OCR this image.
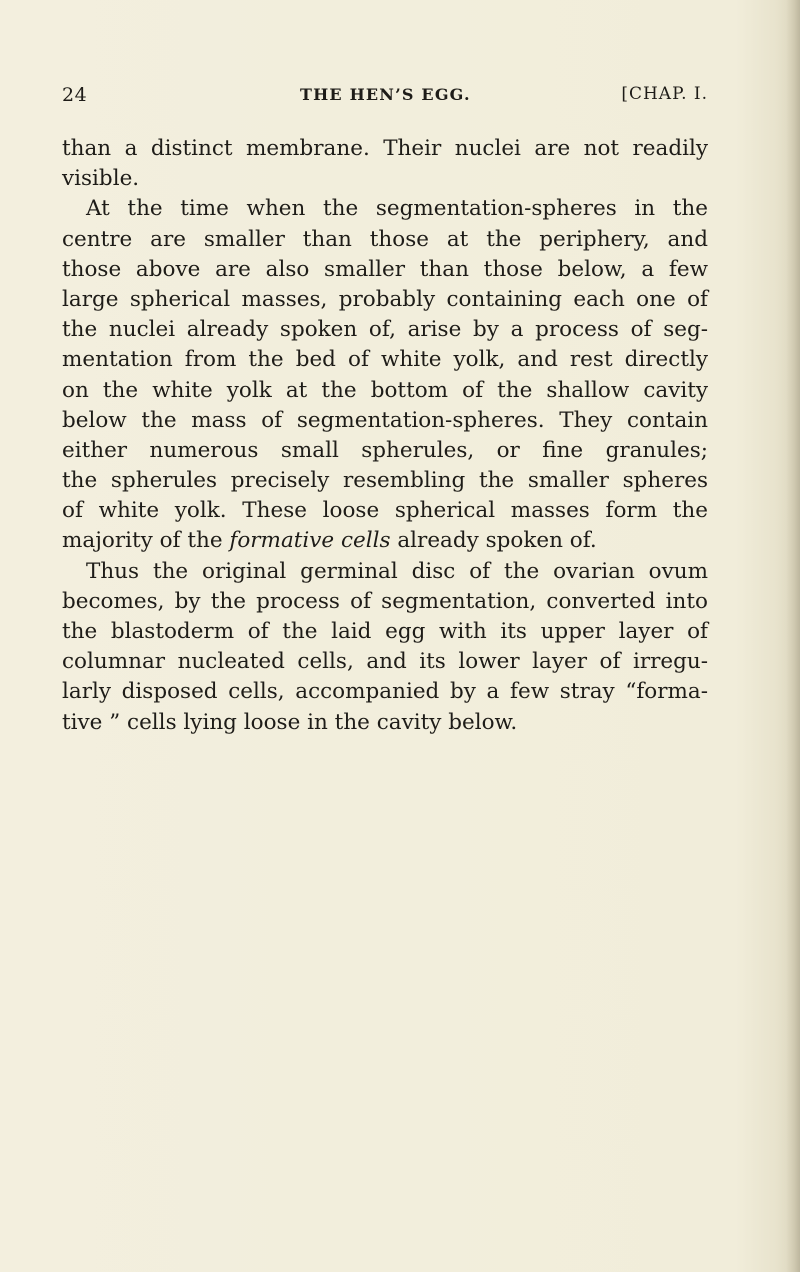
24	THE HEN’S EGG.	[CHAP. I.
than a distinct membrane. Their nuclei are not readily
visible.
At the time when the segmentation-spheres in the
centre are smaller than those at the periphery, and
those above are also smaller than those below, a few
large spherical masses, probably containing each one of
the nuclei already spoken of, arise by a process of seg-
mentation from the bed of white yolk, and rest directly
on the white yolk at the bottom of the shallow cavity
below the mass of segmentation-spheres. They contain
either numerous small spherules, or fine granules;
the spherules precisely resembling the smaller spheres
of white yolk. These loose spherical masses form the
majority of the formative cells already spoken of.
Thus the original germinal disc of the ovarian ovum
becomes, by the process of segmentation, converted into
the blastoderm of the laid egg with its upper layer of
columnar nucleated cells, and its lower layer of irregu-
larly disposed cells, accompanied by a few stray “forma-
tive ” cells lying loose in the cavity below.
